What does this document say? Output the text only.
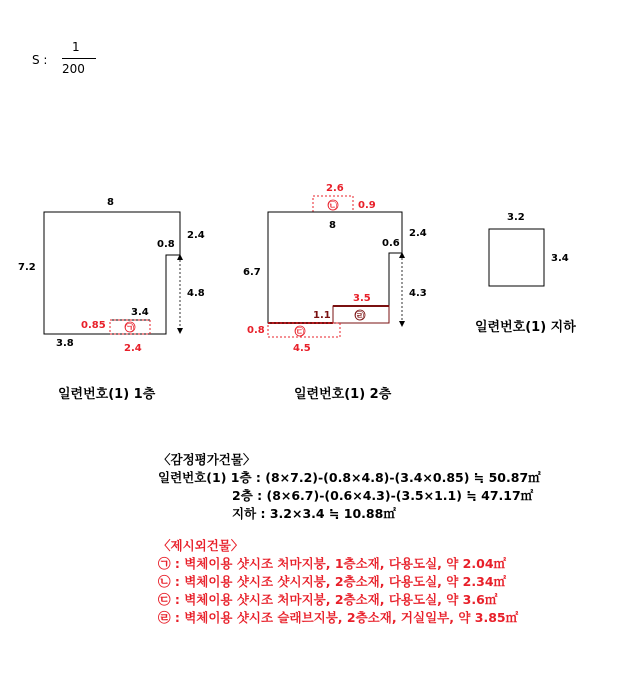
S :
1
200
8
7.2
2.4
0.8
4.8
3.4
3.8
0.85
2.4
㉠
2.6
0.9
㉡
8
6.7
2.4
0.6
4.3
3.5
1.1	㉣
0.8	㉢
4.5
3.2
3.4
일련번호(1) 1층	일련번호(1) 2층
일련번호(1) 지하
〈감정평가건물〉
일련번호(1) 1층 : (8×7.2)-(0.8×4.8)-(3.4×0.85) ≒ 50.87㎡
2층 : (8×6.7)-(0.6×4.3)-(3.5×1.1) ≒ 47.17㎡
지하 : 3.2×3.4 ≒ 10.88㎡
〈제시외건물〉
㉠ : 벽체이용 샷시조 처마지붕, 1층소재, 다용도실, 약 2.04㎡
㉡ : 벽체이용 샷시조 샷시지붕, 2층소재, 다용도실, 약 2.34㎡
㉢ : 벽체이용 샷시조 처마지붕, 2층소재, 다용도실, 약 3.6㎡
㉣ : 벽체이용 샷시조 슬래브지붕, 2층소재, 거실일부, 약 3.85㎡
